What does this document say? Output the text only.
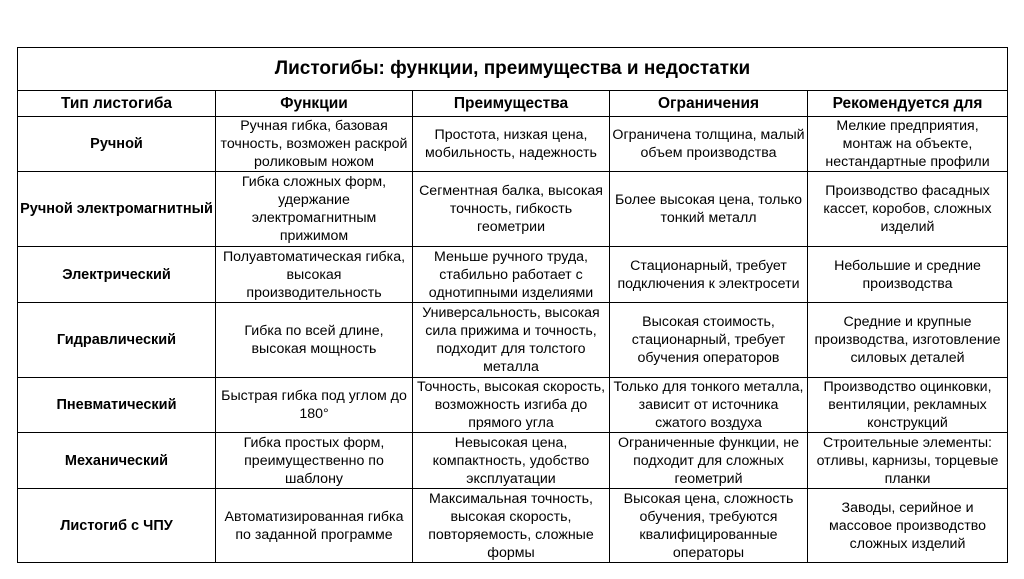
Листогибы: функции, преимущества и недостатки				
Тип листогиба	Функции	Преимущества	Ограничения	Рекомендуется для
Ручной	Ручная гибка, базовая точность, возможен раскрой роликовым ножом	Простота, низкая цена, мобильность, надежность	Ограничена толщина, малый объем производства	Мелкие предприятия, монтаж на объекте, нестандартные профили
Ручной электромагнитный	Гибка сложных форм, удержание электромагнитным прижимом	Сегментная балка, высокая точность, гибкость геометрии	Более высокая цена, только тонкий металл	Производство фасадных кассет, коробов, сложных изделий
Электрический	Полуавтоматическая гибка, высокая производительность	Меньше ручного труда, стабильно работает с однотипными изделиями	Стационарный, требует подключения к электросети	Небольшие и средние производства
Гидравлический	Гибка по всей длине, высокая мощность	Универсальность, высокая сила прижима и точность, подходит для толстого металла	Высокая стоимость, стационарный, требует обучения операторов	Средние и крупные производства, изготовление силовых деталей
Пневматический	Быстрая гибка под углом до 180°	Точность, высокая скорость, возможность изгиба до прямого угла	Только для тонкого металла, зависит от источника сжатого воздуха	Производство оцинковки, вентиляции, рекламных конструкций
Механический	Гибка простых форм, преимущественно по шаблону	Невысокая цена, компактность, удобство эксплуатации	Ограниченные функции, не подходит для сложных геометрий	Строительные элементы: отливы, карнизы, торцевые планки
Листогиб с ЧПУ	Автоматизированная гибка по заданной программе	Максимальная точность, высокая скорость, повторяемость, сложные формы	Высокая цена, сложность обучения, требуются квалифицированные операторы	Заводы, серийное и массовое производство сложных изделий
